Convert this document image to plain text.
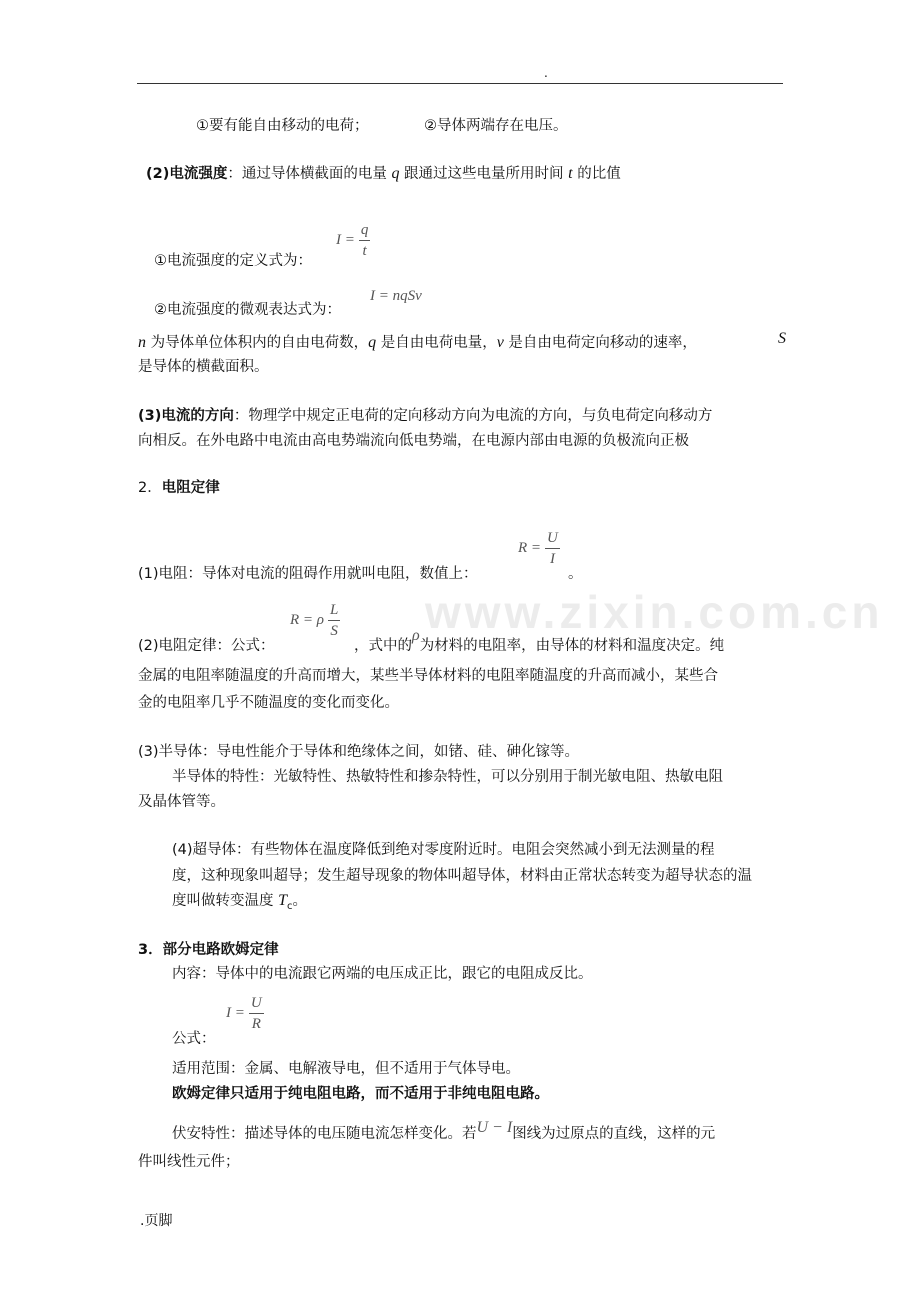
.
www.zixin.com.cn
①要有能自由移动的电荷；	②导体两端存在电压。
(2)电流强度：通过导体横截面的电量 q 跟通过这些电量所用时间 t 的比值
①电流强度的定义式为：
$I = \frac{q}{t}$
②电流强度的微观表达式为：
I = nqSv
n 为导体单位体积内的自由电荷数，q 是自由电荷电量，v 是自由电荷定向移动的速率，	S
是导体的横截面积。
(3)电流的方向：物理学中规定正电荷的定向移动方向为电流的方向，与负电荷定向移动方
向相反。在外电路中电流由高电势端流向低电势端，在电源内部由电源的负极流向正极
2．电阻定律
(1)电阻：导体对电流的阻碍作用就叫电阻，数值上：
$R = \frac{U}{I}$
。
(2)电阻定律：公式：
R = ρ $\frac{L}{S}$
，式中的ρ为材料的电阻率，由导体的材料和温度决定。纯
金属的电阻率随温度的升高而增大，某些半导体材料的电阻率随温度的升高而减小，某些合
金的电阻率几乎不随温度的变化而变化。
(3)半导体：导电性能介于导体和绝缘体之间，如锗、硅、砷化镓等。
半导体的特性：光敏特性、热敏特性和掺杂特性，可以分别用于制光敏电阻、热敏电阻
及晶体管等。
(4)超导体：有些物体在温度降低到绝对零度附近时。电阻会突然减小到无法测量的程
度，这种现象叫超导；发生超导现象的物体叫超导体，材料由正常状态转变为超导状态的温
度叫做转变温度 $T_c$。
3．部分电路欧姆定律
内容：导体中的电流跟它两端的电压成正比，跟它的电阻成反比。
公式：
$I = \frac{U}{R}$
适用范围：金属、电解液导电，但不适用于气体导电。
欧姆定律只适用于纯电阻电路，而不适用于非纯电阻电路。
伏安特性：描述导体的电压随电流怎样变化。若U − I图线为过原点的直线，这样的元
件叫线性元件；
.页脚
